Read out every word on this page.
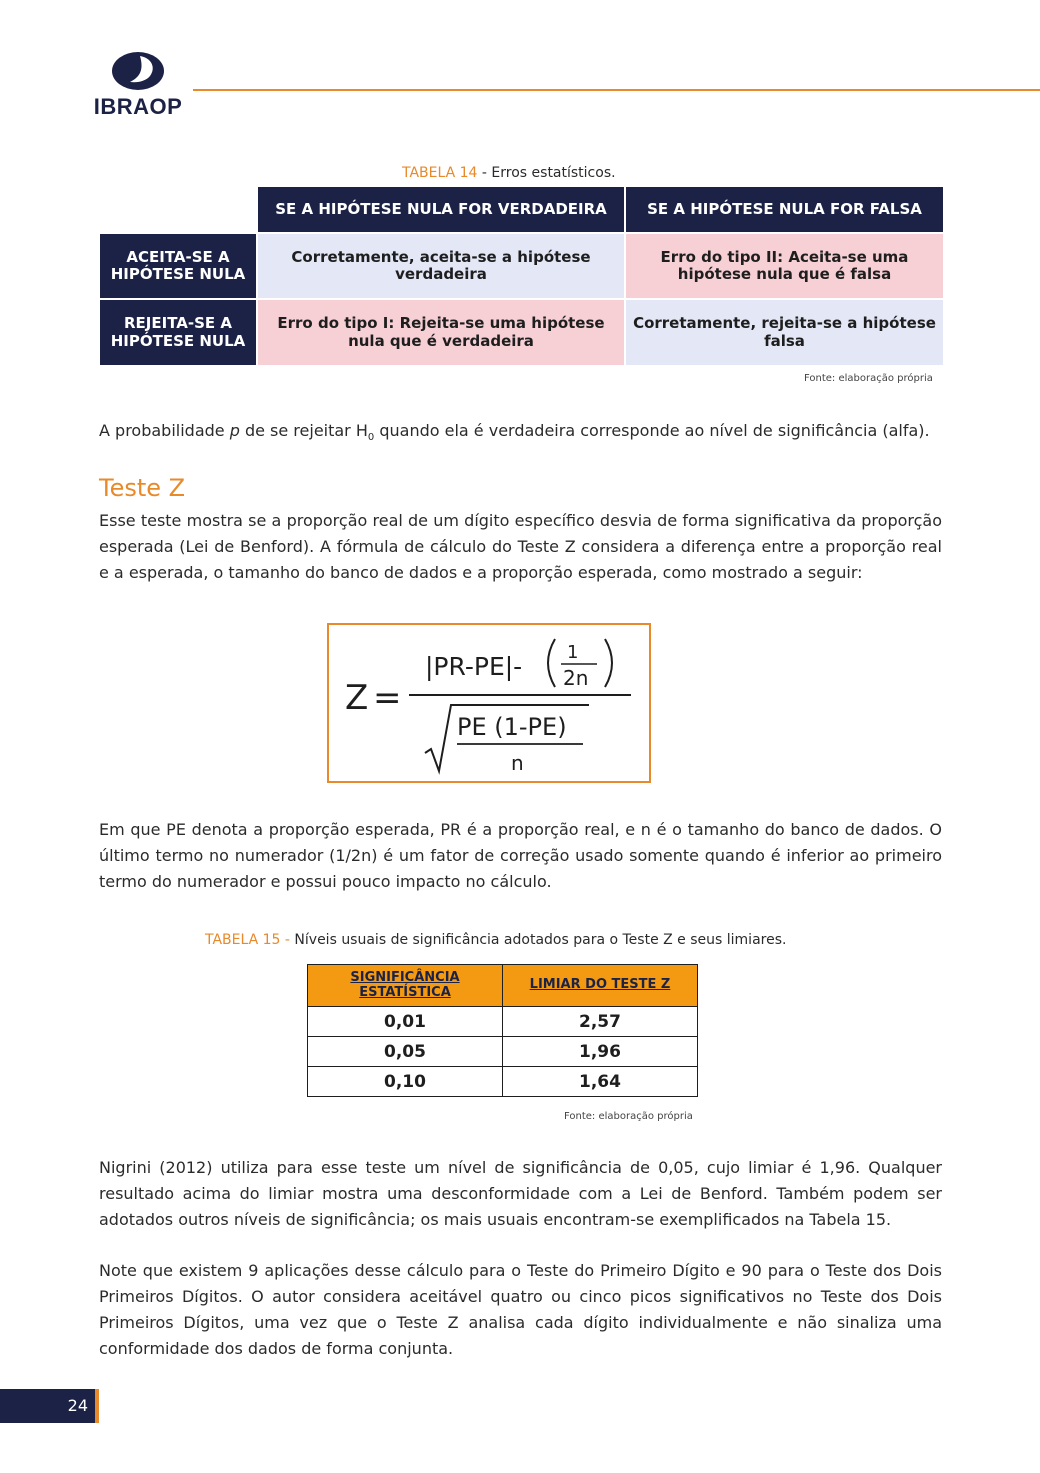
IBRAOP
TABELA 14 - Erros estatísticos.
	SE A HIPÓTESE NULA FOR VERDADEIRA	SE A HIPÓTESE NULA FOR FALSA
ACEITA-SE A HIPÓTESE NULA	Corretamente, aceita-se a hipótese verdadeira	Erro do tipo II: Aceita-se uma hipótese nula que é falsa
REJEITA-SE A HIPÓTESE NULA	Erro do tipo I: Rejeita-se uma hipótese nula que é verdadeira	Corretamente, rejeita-se a hipótese falsa
Fonte: elaboração própria

A probabilidade p de se rejeitar $H_0$ quando ela é verdadeira corresponde ao nível de significância (alfa).

Teste Z

Esse teste mostra se a proporção real de um dígito específico desvia de forma significativa da proporção esperada (Lei de Benford). A fórmula de cálculo do Teste Z considera a diferença entre a proporção real e a esperada, o tamanho do banco de dados e a proporção esperada, como mostrado a seguir:

Z =
|PR-PE|- 1
2n
PE (1-PE)
n

Em que PE denota a proporção esperada, PR é a proporção real, e n é o tamanho do banco de dados. O último termo no numerador (1/2n) é um fator de correção usado somente quando é inferior ao primeiro termo do numerador e possui pouco impacto no cálculo.

TABELA 15 - Níveis usuais de significância adotados para o Teste Z e seus limiares.
SIGNIFICÂNCIA ESTATÍSTICA	LIMIAR DO TESTE Z
0,01	2,57
0,05	1,96
0,10	1,64
Fonte: elaboração própria

Nigrini (2012) utiliza para esse teste um nível de significância de 0,05, cujo limiar é 1,96. Qualquer resultado acima do limiar mostra uma desconformidade com a Lei de Benford. Também podem ser adotados outros níveis de significância; os mais usuais encontram-se exemplificados na Tabela 15.

Note que existem 9 aplicações desse cálculo para o Teste do Primeiro Dígito e 90 para o Teste dos Dois Primeiros Dígitos. O autor considera aceitável quatro ou cinco picos significativos no Teste dos Dois Primeiros Dígitos, uma vez que o Teste Z analisa cada dígito individualmente e não sinaliza uma conformidade dos dados de forma conjunta.

24
